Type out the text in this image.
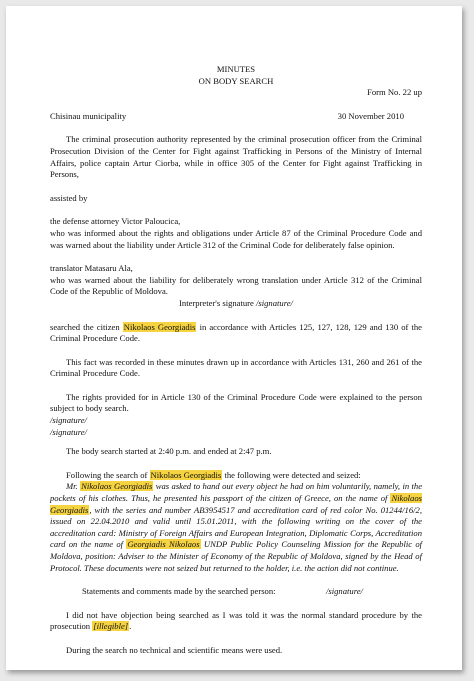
MINUTES

ON BODY SEARCH

Form No. 22 up

Chisinau municipality	30 November 2010

The criminal prosecution authority represented by the criminal prosecution officer from the Criminal Prosecution Division of the Center for Fight against Trafficking in Persons of the Ministry of Internal Affairs, police captain Artur Ciorba, while in office 305 of the Center for Fight against Trafficking in Persons,

assisted by

the defense attorney Victor Paloucica,

who was informed about the rights and obligations under Article 87 of the Criminal Procedure Code and was warned about the liability under Article 312 of the Criminal Code for deliberately false opinion.

translator Matasaru Ala,

who was warned about the liability for deliberately wrong translation under Article 312 of the Criminal Code of the Republic of Moldova.

Interpreter's signature /signature/

searched the citizen Nikolaos Georgiadis in accordance with Articles 125, 127, 128, 129 and 130 of the Criminal Procedure Code.

This fact was recorded in these minutes drawn up in accordance with Articles 131, 260 and 261 of the Criminal Procedure Code.

The rights provided for in Article 130 of the Criminal Procedure Code were explained to the person subject to body search.

/signature/

/signature/

The body search started at 2:40 p.m. and ended at 2:47 p.m.

Following the search of Nikolaos Georgiadis the following were detected and seized:

Mr. Nikolaos Georgiadis was asked to hand out every object he had on him voluntarily, namely, in the pockets of his clothes. Thus, he presented his passport of the citizen of Greece, on the name of Nikolaos Georgiadis, with the series and number AB3954517 and accreditation card of red color No. 01244/16/2, issued on 22.04.2010 and valid until 15.01.2011, with the following writing on the cover of the accreditation card: Ministry of Foreign Affairs and European Integration, Diplomatic Corps, Accreditation card on the name of Georgiadis Nikolaos UNDP Public Policy Counseling Mission for the Republic of Moldova, position: Adviser to the Minister of Economy of the Republic of Moldova, signed by the Head of Protocol. These documents were not seized but returned to the holder, i.e. the action did not continue.

Statements and comments made by the searched person:	/signature/

I did not have objection being searched as I was told it was the normal standard procedure by the prosecution [illegible].

During the search no technical and scientific means were used.
